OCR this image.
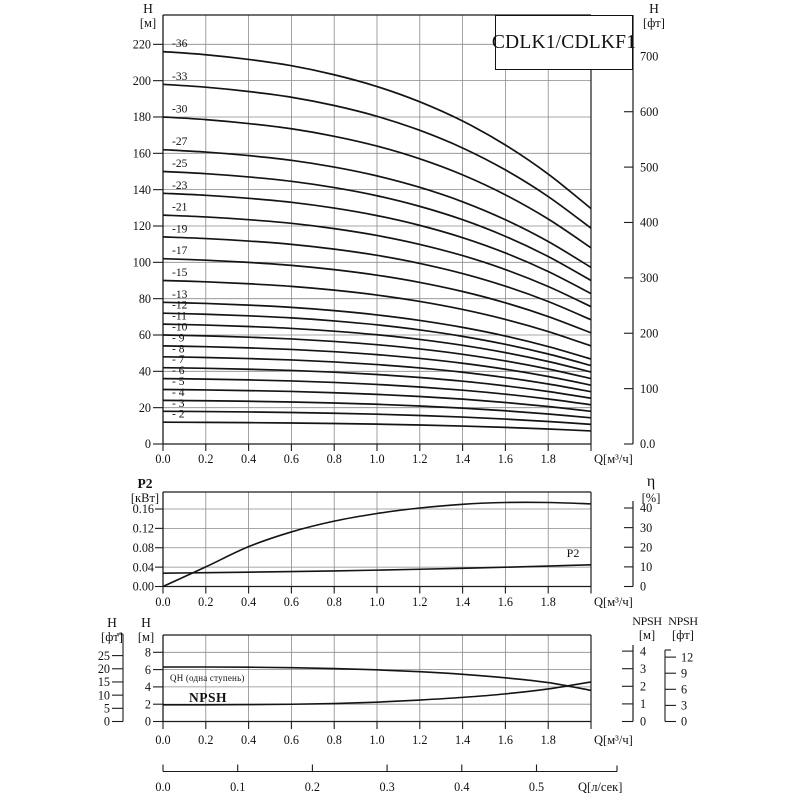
0
20
40
60
80
100
120
140
160
180
200
220
0.0 0.2 0.4 0.6 0.8 1.0 1.2 1.4 1.6 1.8
0.0
100
200
300
400
500
600
700
-36
-33
-30
-27
-25
-23
-21
-19
-17
-15
-13
-12
-11
-10
- 9
- 8
- 7
- 6
- 5
- 4
- 3
- 2
0.00
0.04
0.08
0.12
0.16
0.0 0.2 0.4 0.6 0.8 1.0 1.2 1.4 1.6 1.8
0
10
20
30
40
0
2
4
6
8
0
5
10
15
20
25
0.0 0.2 0.4 0.6 0.8 1.0 1.2 1.4 1.6 1.8
0
1
2
3
4
0
3
6
9
12
0.0	0.1	0.2	0.3	0.4	0.5
H
[м]
H
[фт]
CDLK1/CDLKF1
P2
[кВт]
η
[%]
H
[фт]
H
[м]
NPSH
[м]
NPSH
[фт]
Q[м³/ч]
Q[м³/ч]
Q[м³/ч]
Q[л/сек]
P2
QH (одна ступень)
NPSH
